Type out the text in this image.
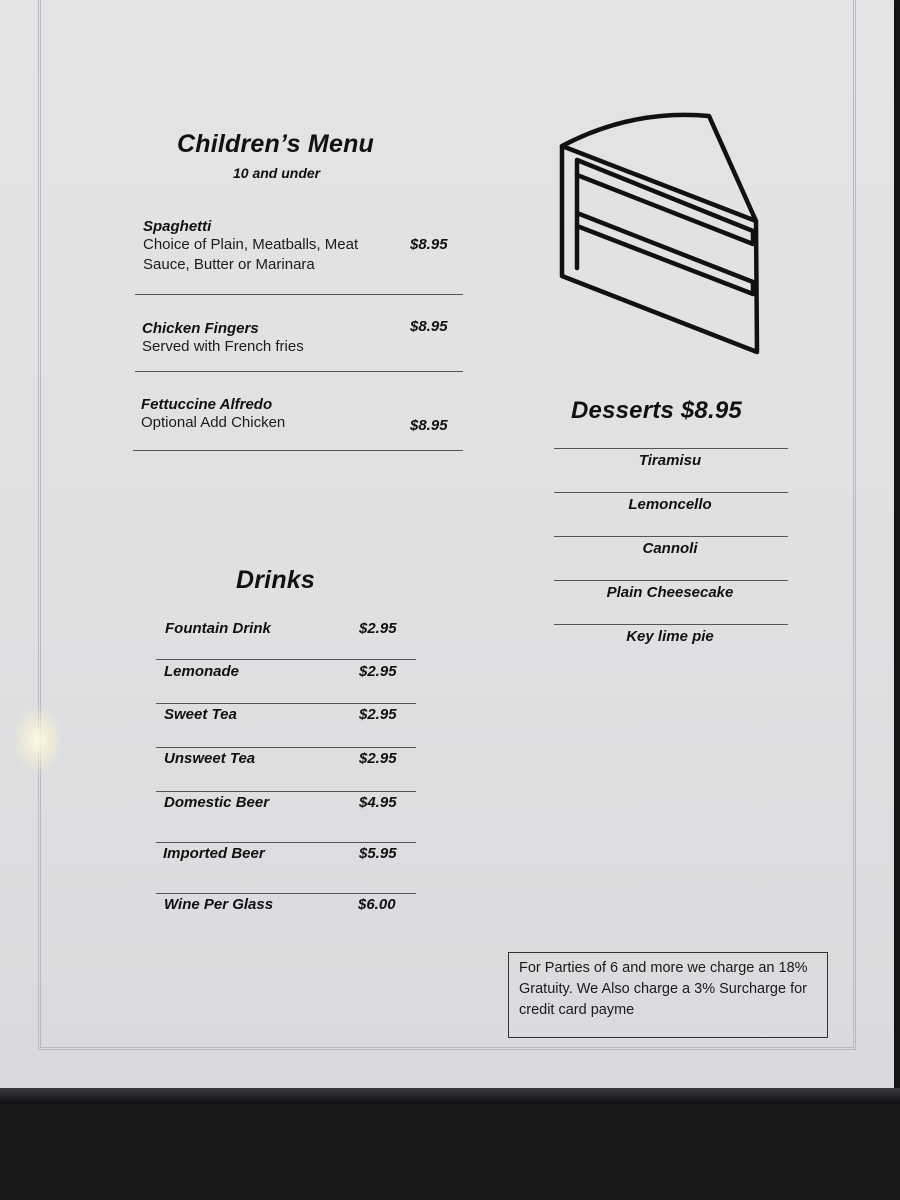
Children’s Menu
10 and under
Spaghetti
Choice of Plain, Meatballs, Meat Sauce, Butter or Marinara
$8.95
Chicken Fingers
Served with French fries
$8.95
Fettuccine Alfredo
Optional Add Chicken	$8.95
Drinks
Fountain Drink	$2.95
Lemonade	$2.95
Sweet Tea	$2.95
Unsweet Tea	$2.95
Domestic Beer	$4.95
Imported Beer	$5.95
Wine Per Glass	$6.00
Desserts $8.95
Tiramisu
Lemoncello
Cannoli
Plain Cheesecake
Key lime pie
For Parties of 6 and more we charge an 18% Gratuity. We Also charge a 3% Surcharge for credit card payme
